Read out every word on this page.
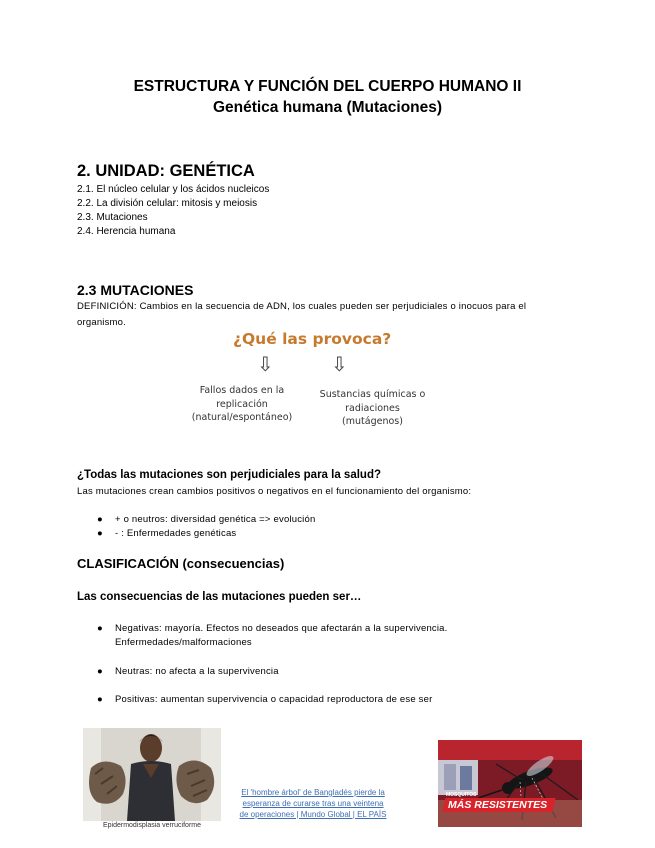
ESTRUCTURA Y FUNCIÓN DEL CUERPO HUMANO II
Genética humana (Mutaciones)
2. UNIDAD: GENÉTICA
2.1. El núcleo celular y los ácidos nucleicos
2.2. La división celular: mitosis y meiosis
2.3. Mutaciones
2.4. Herencia humana
2.3 MUTACIONES
DEFINICIÓN: Cambios en la secuencia de ADN, los cuales pueden ser perjudiciales o inocuos para el organismo.
¿Qué las provoca?
⇩	⇩
Fallos dados en la
replicación
(natural/espontáneo)
Sustancias químicas o
radiaciones
(mutágenos)
¿Todas las mutaciones son perjudiciales para la salud?
Las mutaciones crean cambios positivos o negativos en el funcionamiento del organismo:
● + o neutros: diversidad genética => evolución
● - : Enfermedades genéticas
CLASIFICACIÓN (consecuencias)
Las consecuencias de las mutaciones pueden ser…
● Negativas: mayoría. Efectos no deseados que afectarán a la supervivencia. Enfermedades/malformaciones
● Neutras: no afecta a la supervivencia
● Positivas: aumentan supervivencia o capacidad reproductora de ese ser
Epidermodisplasia verruciforme
El 'hombre árbol' de Bangladés pierde la
esperanza de curarse tras una veintena
de operaciones | Mundo Global | EL PAÍS
MOSQUITOS
MÁS RESISTENTES
